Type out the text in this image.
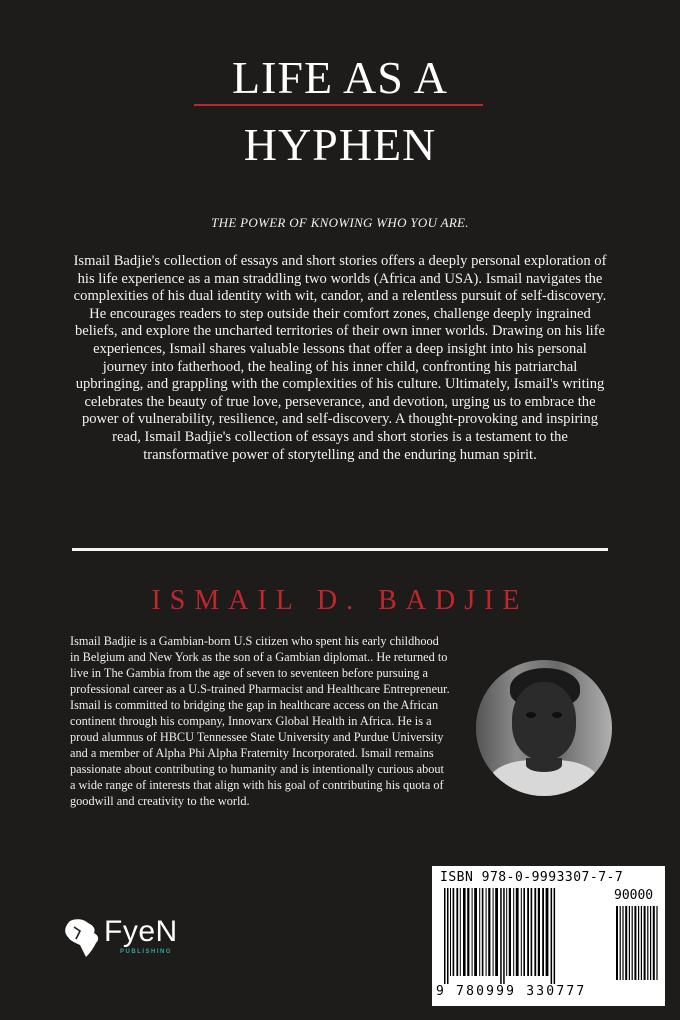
LIFE AS A
HYPHEN
THE POWER OF KNOWING WHO YOU ARE.
Ismail Badjie's collection of essays and short stories offers a deeply personal exploration of his life experience as a man straddling two worlds (Africa and USA). Ismail navigates the complexities of his dual identity with wit, candor, and a relentless pursuit of self-discovery. He encourages readers to step outside their comfort zones, challenge deeply ingrained beliefs, and explore the uncharted territories of their own inner worlds. Drawing on his life experiences, Ismail shares valuable lessons that offer a deep insight into his personal journey into fatherhood, the healing of his inner child, confronting his patriarchal upbringing, and grappling with the complexities of his culture. Ultimately, Ismail's writing celebrates the beauty of true love, perseverance, and devotion, urging us to embrace the power of vulnerability, resilience, and self-discovery. A thought-provoking and inspiring read, Ismail Badjie's collection of essays and short stories is a testament to the transformative power of storytelling and the enduring human spirit.
ISMAIL D. BADJIE
Ismail Badjie is a Gambian-born U.S citizen who spent his early childhood in Belgium and New York as the son of a Gambian diplomat.. He returned to live in The Gambia from the age of seven to seventeen before pursuing a professional career as a U.S-trained Pharmacist and Healthcare Entrepreneur. Ismail is committed to bridging the gap in healthcare access on the African continent through his company, Innovarx Global Health in Africa. He is a proud alumnus of HBCU Tennessee State University and Purdue University and a member of Alpha Phi Alpha Fraternity Incorporated. Ismail remains passionate about contributing to humanity and is intentionally curious about a wide range of interests that align with his goal of contributing his quota of goodwill and creativity to the world.
ISBN 978-0-9993307-7-7
90000
9 780999 330777
FyeN
PUBLISHING
